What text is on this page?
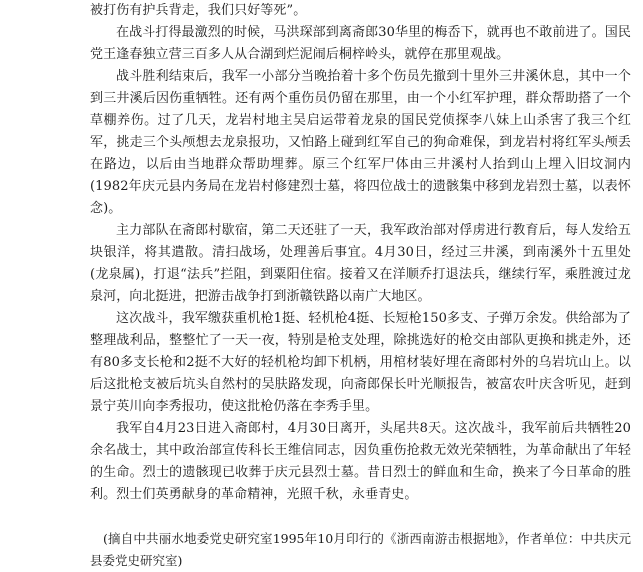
被打伤有护兵背走，我们只好等死”。

在战斗打得最激烈的时候，马洪琛部到离斋郎30华里的梅岙下，就再也不敢前进了。国民党王逢春独立营三百多人从合湖到烂泥闹后桐梓岭头，就停在那里观战。

战斗胜利结束后，我军一小部分当晚抬着十多个伤员先撤到十里外三井溪休息，其中一个到三井溪后因伤重牺牲。还有两个重伤员仍留在那里，由一个小红军护理，群众帮助搭了一个草棚养伤。过了几天，龙岩村地主吴启运带着龙泉的国民党侦探李八妹上山杀害了我三个红军，挑走三个头颅想去龙泉报功，又怕路上碰到红军自己的狗命难保，到龙岩村将红军头颅丢在路边，以后由当地群众帮助埋葬。原三个红军尸体由三井溪村人抬到山上埋入旧坟洞内(1982年庆元县内务局在龙岩村修建烈士墓，将四位战士的遗骸集中移到龙岩烈士墓，以表怀念)。

主力部队在斋郎村歇宿，第二天还驻了一天，我军政治部对俘虏进行教育后，每人发给五块银洋，将其遣散。清扫战场，处理善后事宜。4月30日，经过三井溪，到南溪外十五里处(龙泉属)，打退“法兵”拦阻，到粟阳住宿。接着又在洋顺乔打退法兵，继续行军，乘胜渡过龙泉河，向北挺进，把游击战争打到浙赣铁路以南广大地区。

这次战斗，我军缴获重机枪1挺、轻机枪4挺、长短枪150多支、子弹万余发。供给部为了整理战利品，整整忙了一天一夜，特别是枪支处理，除挑选好的枪交由部队更换和挑走外，还有80多支长枪和2挺不大好的轻机枪均卸下机柄，用棺材装好埋在斋郎村外的乌岩坑山上。以后这批枪支被后坑头自然村的吴肤路发现，向斋郎保长叶光顺报告，被富农叶庆含听见，赶到景宁英川向李秀报功，使这批枪仍落在李秀手里。

我军自4月23日进入斋郎村，4月30日离开，头尾共8天。这次战斗，我军前后共牺牲20余名战士，其中政治部宣传科长王维信同志，因负重伤抢救无效光荣牺牲，为革命献出了年轻的生命。烈士的遗骸现已收葬于庆元县烈士墓。昔日烈士的鲜血和生命，换来了今日革命的胜利。烈士们英勇献身的革命精神，光照千秋，永垂青史。

(摘自中共丽水地委党史研究室1995年10月印行的《浙西南游击根据地》，作者单位：中共庆元县委党史研究室)
